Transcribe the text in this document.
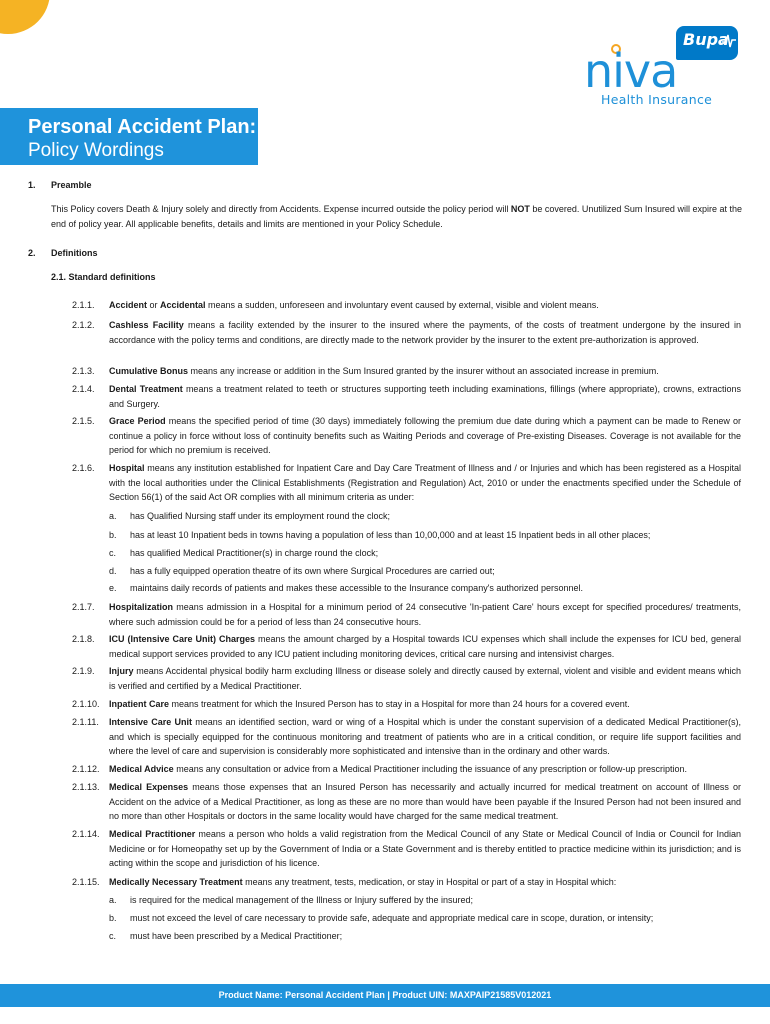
Bupa
niva
Health Insurance
Personal Accident Plan:
Policy Wordings
1. Preamble
This Policy covers Death & Injury solely and directly from Accidents. Expense incurred outside the policy period will NOT be covered. Unutilized Sum Insured will expire at the end of policy year. All applicable benefits, details and limits are mentioned in your Policy Schedule.
2. Definitions
2.1. Standard definitions
2.1.1. Accident or Accidental means a sudden, unforeseen and involuntary event caused by external, visible and violent means.
2.1.2. Cashless Facility means a facility extended by the insurer to the insured where the payments, of the costs of treatment undergone by the insured in accordance with the policy terms and conditions, are directly made to the network provider by the insurer to the extent pre-authorization is approved.
2.1.3. Cumulative Bonus means any increase or addition in the Sum Insured granted by the insurer without an associated increase in premium.
2.1.4. Dental Treatment means a treatment related to teeth or structures supporting teeth including examinations, fillings (where appropriate), crowns, extractions and Surgery.
2.1.5. Grace Period means the specified period of time (30 days) immediately following the premium due date during which a payment can be made to Renew or continue a policy in force without loss of continuity benefits such as Waiting Periods and coverage of Pre-existing Diseases. Coverage is not available for the period for which no premium is received.
2.1.6. Hospital means any institution established for Inpatient Care and Day Care Treatment of Illness and / or Injuries and which has been registered as a Hospital with the local authorities under the Clinical Establishments (Registration and Regulation) Act, 2010 or under the enactments specified under the Schedule of Section 56(1) of the said Act OR complies with all minimum criteria as under:
a. has Qualified Nursing staff under its employment round the clock;
b. has at least 10 Inpatient beds in towns having a population of less than 10,00,000 and at least 15 Inpatient beds in all other places;
c. has qualified Medical Practitioner(s) in charge round the clock;
d. has a fully equipped operation theatre of its own where Surgical Procedures are carried out;
e. maintains daily records of patients and makes these accessible to the Insurance company's authorized personnel.
2.1.7. Hospitalization means admission in a Hospital for a minimum period of 24 consecutive 'In-patient Care' hours except for specified procedures/ treatments, where such admission could be for a period of less than 24 consecutive hours.
2.1.8. ICU (Intensive Care Unit) Charges means the amount charged by a Hospital towards ICU expenses which shall include the expenses for ICU bed, general medical support services provided to any ICU patient including monitoring devices, critical care nursing and intensivist charges.
2.1.9. Injury means Accidental physical bodily harm excluding Illness or disease solely and directly caused by external, violent and visible and evident means which is verified and certified by a Medical Practitioner.
2.1.10. Inpatient Care means treatment for which the Insured Person has to stay in a Hospital for more than 24 hours for a covered event.
2.1.11. Intensive Care Unit means an identified section, ward or wing of a Hospital which is under the constant supervision of a dedicated Medical Practitioner(s), and which is specially equipped for the continuous monitoring and treatment of patients who are in a critical condition, or require life support facilities and where the level of care and supervision is considerably more sophisticated and intensive than in the ordinary and other wards.
2.1.12. Medical Advice means any consultation or advice from a Medical Practitioner including the issuance of any prescription or follow-up prescription.
2.1.13. Medical Expenses means those expenses that an Insured Person has necessarily and actually incurred for medical treatment on account of Illness or Accident on the advice of a Medical Practitioner, as long as these are no more than would have been payable if the Insured Person had not been insured and no more than other Hospitals or doctors in the same locality would have charged for the same medical treatment.
2.1.14. Medical Practitioner means a person who holds a valid registration from the Medical Council of any State or Medical Council of India or Council for Indian Medicine or for Homeopathy set up by the Government of India or a State Government and is thereby entitled to practice medicine within its jurisdiction; and is acting within the scope and jurisdiction of his licence.
2.1.15. Medically Necessary Treatment means any treatment, tests, medication, or stay in Hospital or part of a stay in Hospital which:
a. is required for the medical management of the Illness or Injury suffered by the insured;
b. must not exceed the level of care necessary to provide safe, adequate and appropriate medical care in scope, duration, or intensity;
c. must have been prescribed by a Medical Practitioner;
Product Name: Personal Accident Plan | Product UIN: MAXPAIP21585V012021
